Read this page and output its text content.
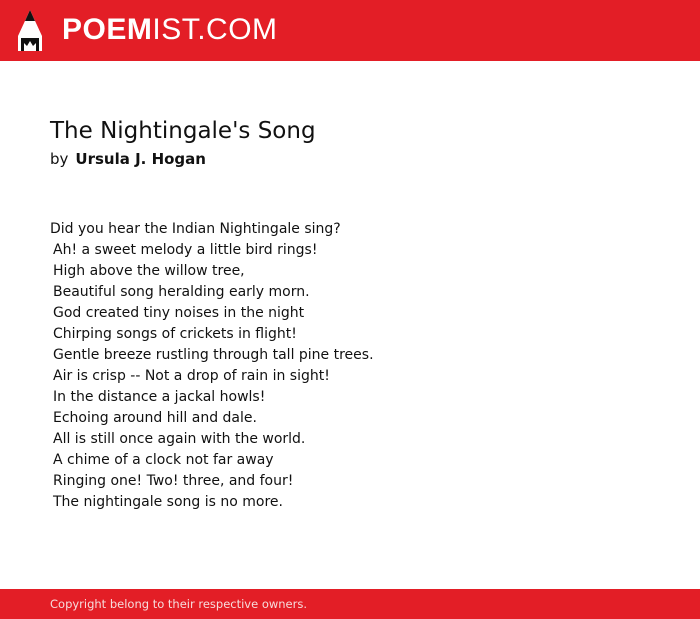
POEMIST.COM
The Nightingale's Song
by Ursula J. Hogan
Did you hear the Indian Nightingale sing?
Ah! a sweet melody a little bird rings!
High above the willow tree,
Beautiful song heralding early morn.
God created tiny noises in the night
Chirping songs of crickets in flight!
Gentle breeze rustling through tall pine trees.
Air is crisp -- Not a drop of rain in sight!
In the distance a jackal howls!
Echoing around hill and dale.
All is still once again with the world.
A chime of a clock not far away
Ringing one! Two! three, and four!
The nightingale song is no more.
Copyright belong to their respective owners.
